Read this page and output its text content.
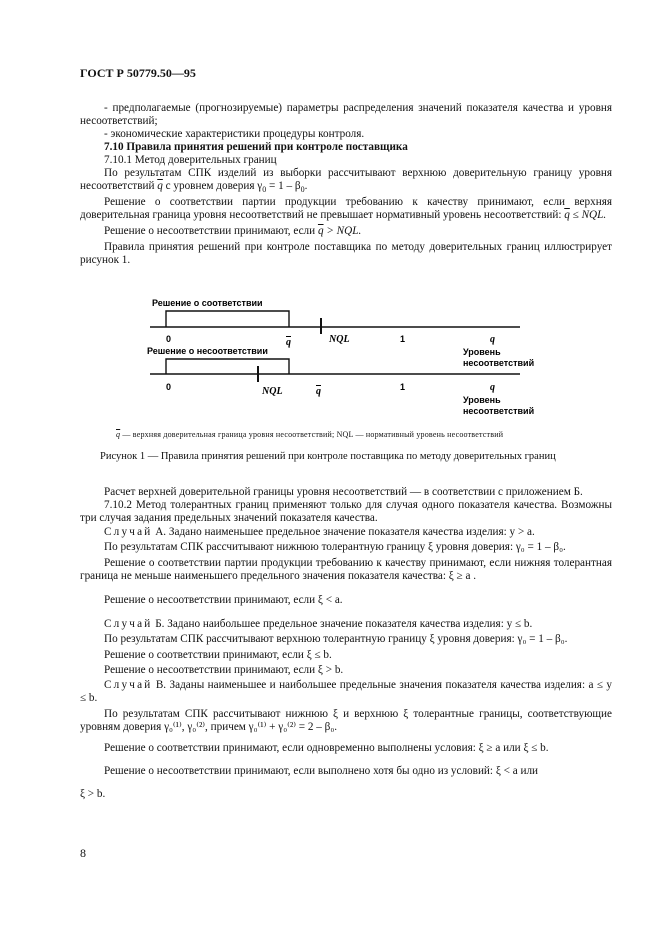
ГОСТ Р 50779.50—95
- предполагаемые (прогнозируемые) параметры распределения значений показателя качества и уровня несоответствий;
- экономические характеристики процедуры контроля.
7.10 Правила принятия решений при контроле поставщика
7.10.1 Метод доверительных границ
По результатам СПК изделий из выборки рассчитывают верхнюю доверительную границу уровня несоответствий $\overline{q}$ с уровнем доверия $\gamma_0 = 1 - \beta_0$.
Решение о соответствии партии продукции требованию к качеству принимают, если верхняя доверительная граница уровня несоответствий не превышает нормативный уровень несоответствий: $\overline{q}$ ≤ NQL.
Решение о несоответствии принимают, если $\overline{q}$ > NQL.
Правила принятия решений при контроле поставщика по методу доверительных границ иллюстрирует рисунок 1.
Решение о соответствии
0	q	NQL	1	q
Решение о несоответствии	Уровень
несоответствий
0	NQL	q	1	q
Уровень
несоответствий
$\overline{q}$ — верхняя доверительная граница уровня несоответствий; NQL — нормативный уровень несоответствий
Рисунок 1 — Правила принятия решений при контроле поставщика по методу доверительных границ
Расчет верхней доверительной границы уровня несоответствий — в соответствии с приложением Б.
7.10.2 Метод толерантных границ применяют только для случая одного показателя качества. Возможны три случая задания предельных значений показателя качества.
Случай А. Задано наименьшее предельное значение показателя качества изделия: y > a.
По результатам СПК рассчитывают нижнюю толерантную границу ξ уровня доверия: γ₀ = 1 – β₀.
Решение о соответствии партии продукции требованию к качеству принимают, если нижняя толерантная граница не меньше наименьшего предельного значения показателя качества: ξ ≥ a .
Решение о несоответствии принимают, если ξ < a.
Случай Б. Задано наибольшее предельное значение показателя качества изделия: y ≤ b.
По результатам СПК рассчитывают верхнюю толерантную границу ξ уровня доверия: γ₀ = 1 – β₀.
Решение о соответствии принимают, если ξ ≤ b.
Решение о несоответствии принимают, если ξ > b.
Случай В. Заданы наименьшее и наибольшее предельные значения показателя качества изделия: a ≤ y ≤ b.
По результатам СПК рассчитывают нижнюю ξ и верхнюю ξ толерантные границы, соответствующие уровням доверия γ₀⁽¹⁾, γ₀⁽²⁾, причем γ₀⁽¹⁾ + γ₀⁽²⁾ = 2 – β₀.
Решение о соответствии принимают, если одновременно выполнены условия: ξ ≥ a или ξ ≤ b.
Решение о несоответствии принимают, если выполнено хотя бы одно из условий: ξ < a или
ξ > b.
8
